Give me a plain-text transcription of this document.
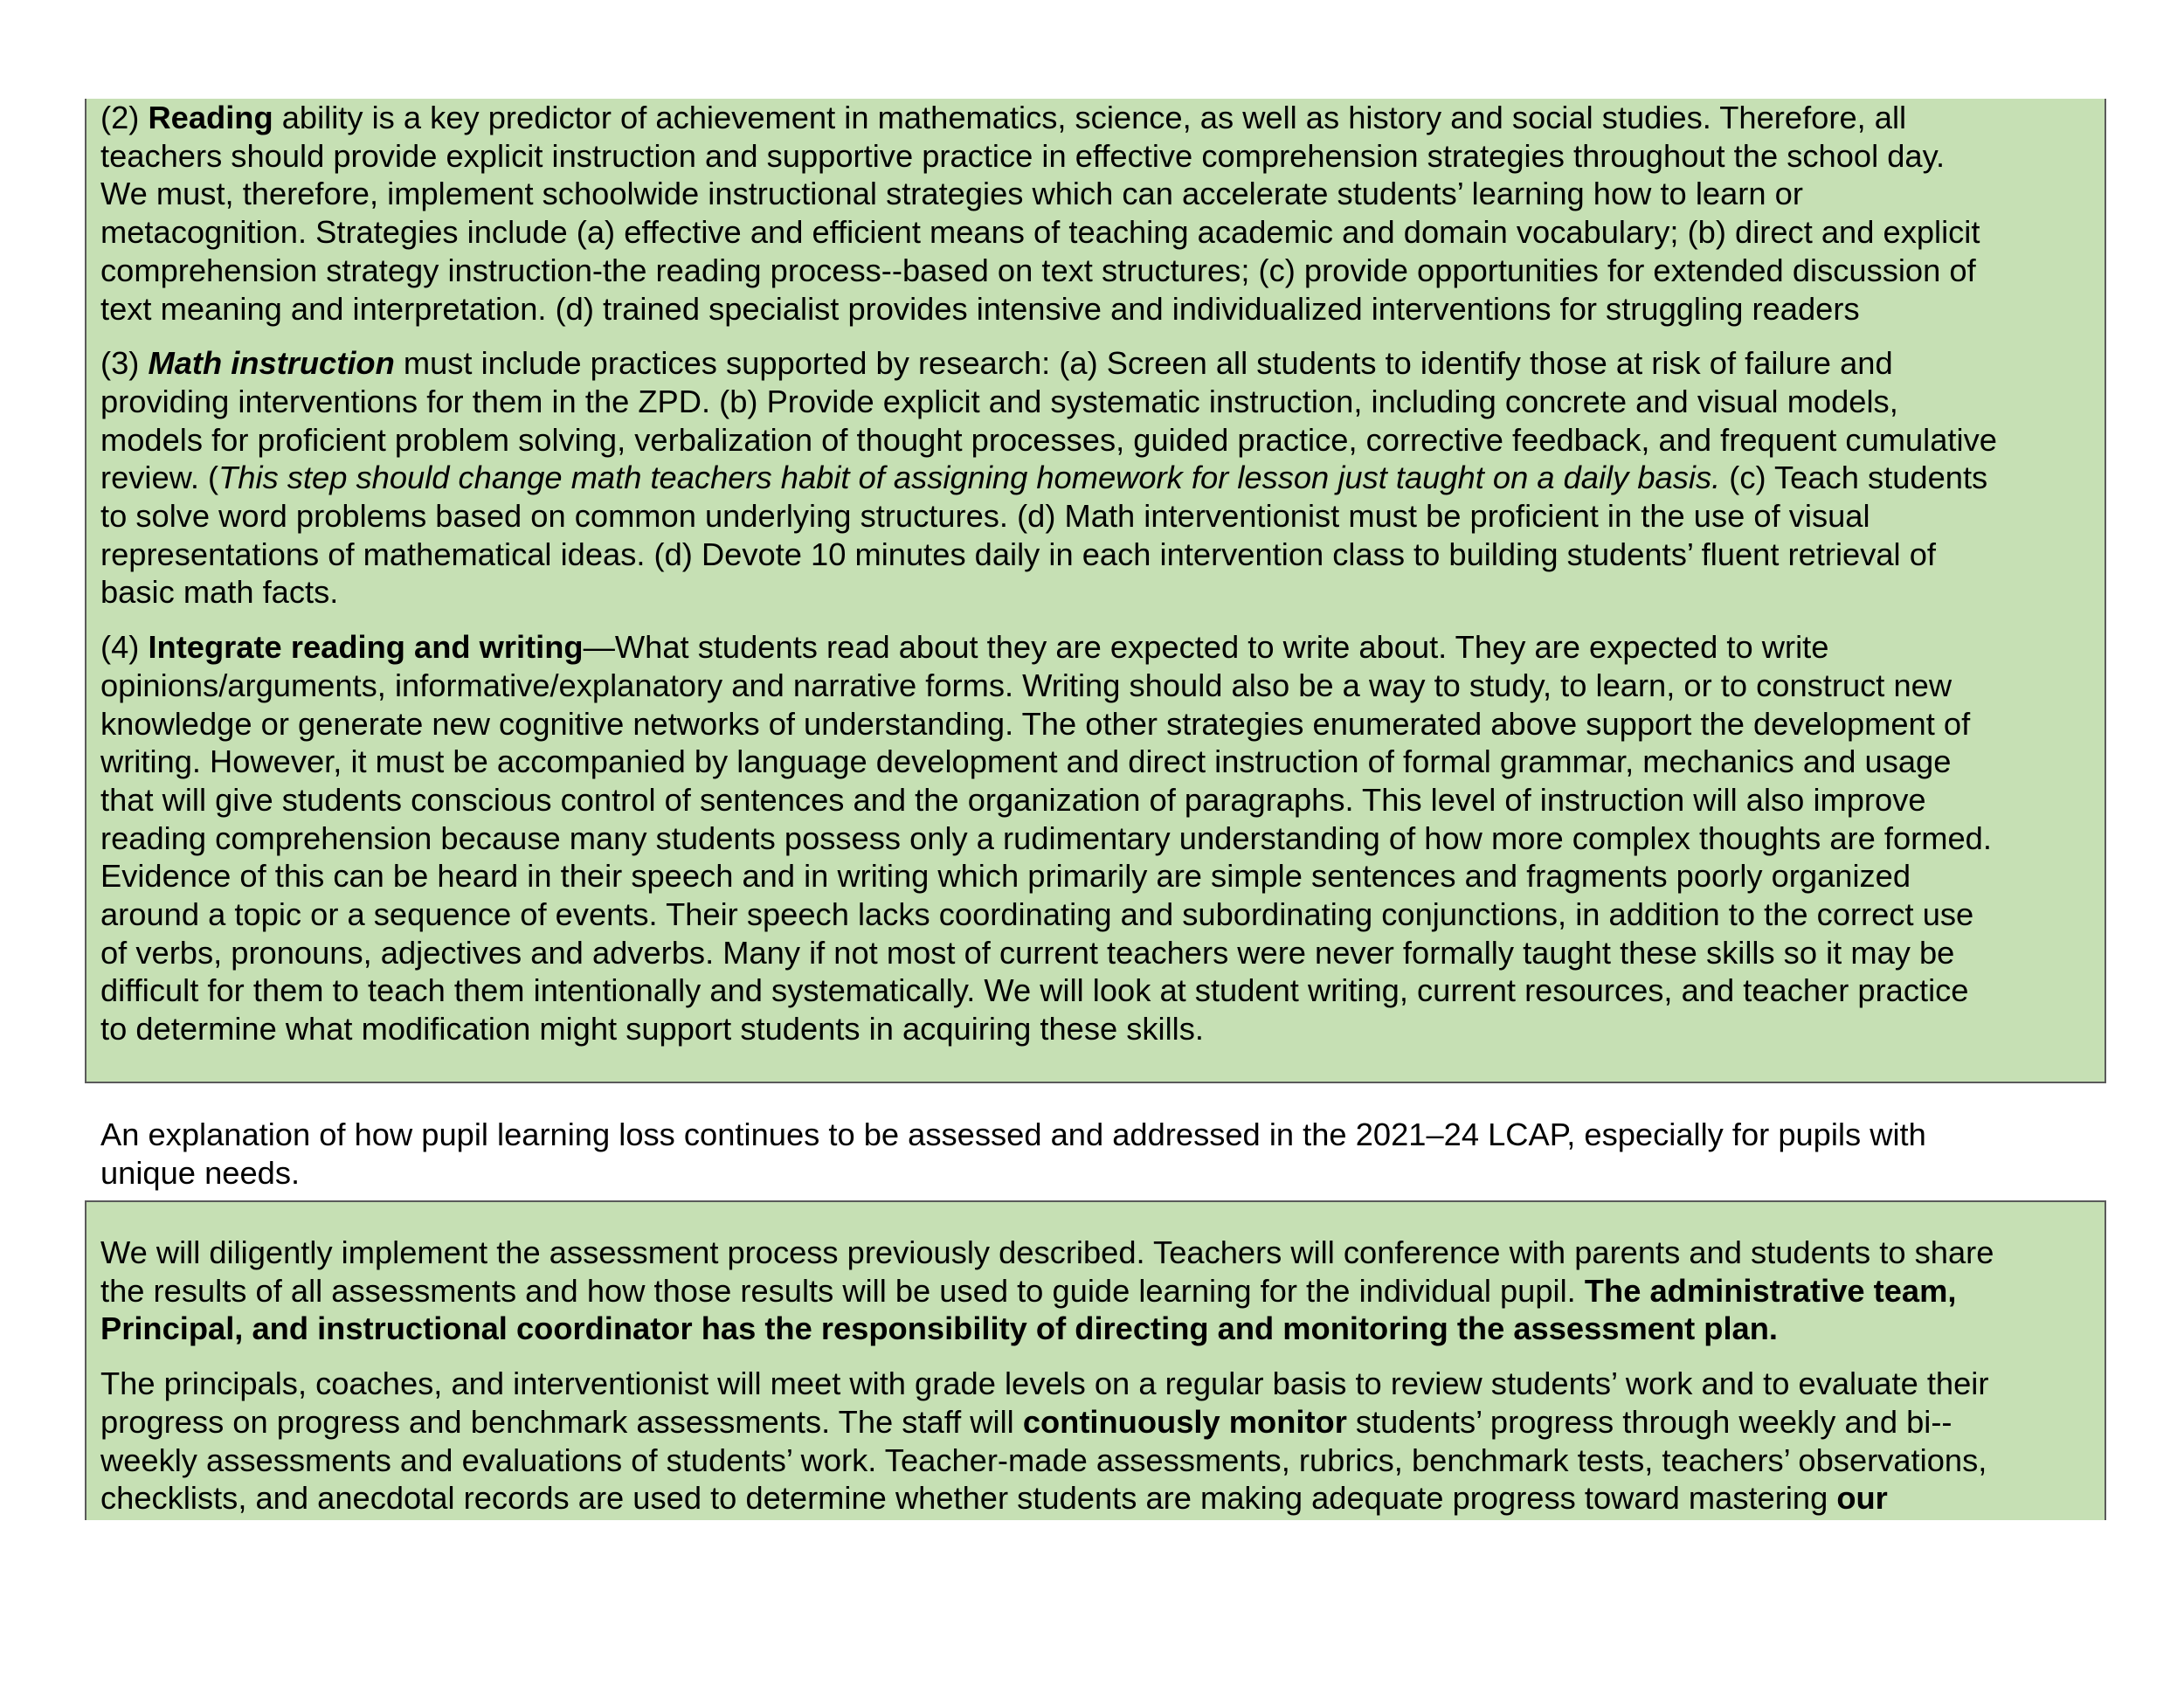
(2) Reading ability is a key predictor of achievement in mathematics, science, as well as history and social studies. Therefore, all
teachers should provide explicit instruction and supportive practice in effective comprehension strategies throughout the school day.
We must, therefore, implement schoolwide instructional strategies which can accelerate students’ learning how to learn or
metacognition. Strategies include (a) effective and efficient means of teaching academic and domain vocabulary; (b) direct and explicit
comprehension strategy instruction-the reading process--based on text structures; (c) provide opportunities for extended discussion of
text meaning and interpretation. (d) trained specialist provides intensive and individualized interventions for struggling readers

(3) Math instruction must include practices supported by research: (a) Screen all students to identify those at risk of failure and
providing interventions for them in the ZPD. (b) Provide explicit and systematic instruction, including concrete and visual models,
models for proficient problem solving, verbalization of thought processes, guided practice, corrective feedback, and frequent cumulative
review. (This step should change math teachers habit of assigning homework for lesson just taught on a daily basis. (c) Teach students
to solve word problems based on common underlying structures. (d) Math interventionist must be proficient in the use of visual
representations of mathematical ideas. (d) Devote 10 minutes daily in each intervention class to building students’ fluent retrieval of
basic math facts.

(4) Integrate reading and writing—What students read about they are expected to write about. They are expected to write
opinions/arguments, informative/explanatory and narrative forms. Writing should also be a way to study, to learn, or to construct new
knowledge or generate new cognitive networks of understanding. The other strategies enumerated above support the development of
writing. However, it must be accompanied by language development and direct instruction of formal grammar, mechanics and usage
that will give students conscious control of sentences and the organization of paragraphs. This level of instruction will also improve
reading comprehension because many students possess only a rudimentary understanding of how more complex thoughts are formed.
Evidence of this can be heard in their speech and in writing which primarily are simple sentences and fragments poorly organized
around a topic or a sequence of events. Their speech lacks coordinating and subordinating conjunctions, in addition to the correct use
of verbs, pronouns, adjectives and adverbs. Many if not most of current teachers were never formally taught these skills so it may be
difficult for them to teach them intentionally and systematically. We will look at student writing, current resources, and teacher practice
to determine what modification might support students in acquiring these skills.

An explanation of how pupil learning loss continues to be assessed and addressed in the 2021–24 LCAP, especially for pupils with
unique needs.

We will diligently implement the assessment process previously described. Teachers will conference with parents and students to share
the results of all assessments and how those results will be used to guide learning for the individual pupil. The administrative team,
Principal, and instructional coordinator has the responsibility of directing and monitoring the assessment plan.

The principals, coaches, and interventionist will meet with grade levels on a regular basis to review students’ work and to evaluate their
progress on progress and benchmark assessments. The staff will continuously monitor students’ progress through weekly and bi--
weekly assessments and evaluations of students’ work. Teacher-made assessments, rubrics, benchmark tests, teachers’ observations,
checklists, and anecdotal records are used to determine whether students are making adequate progress toward mastering our
